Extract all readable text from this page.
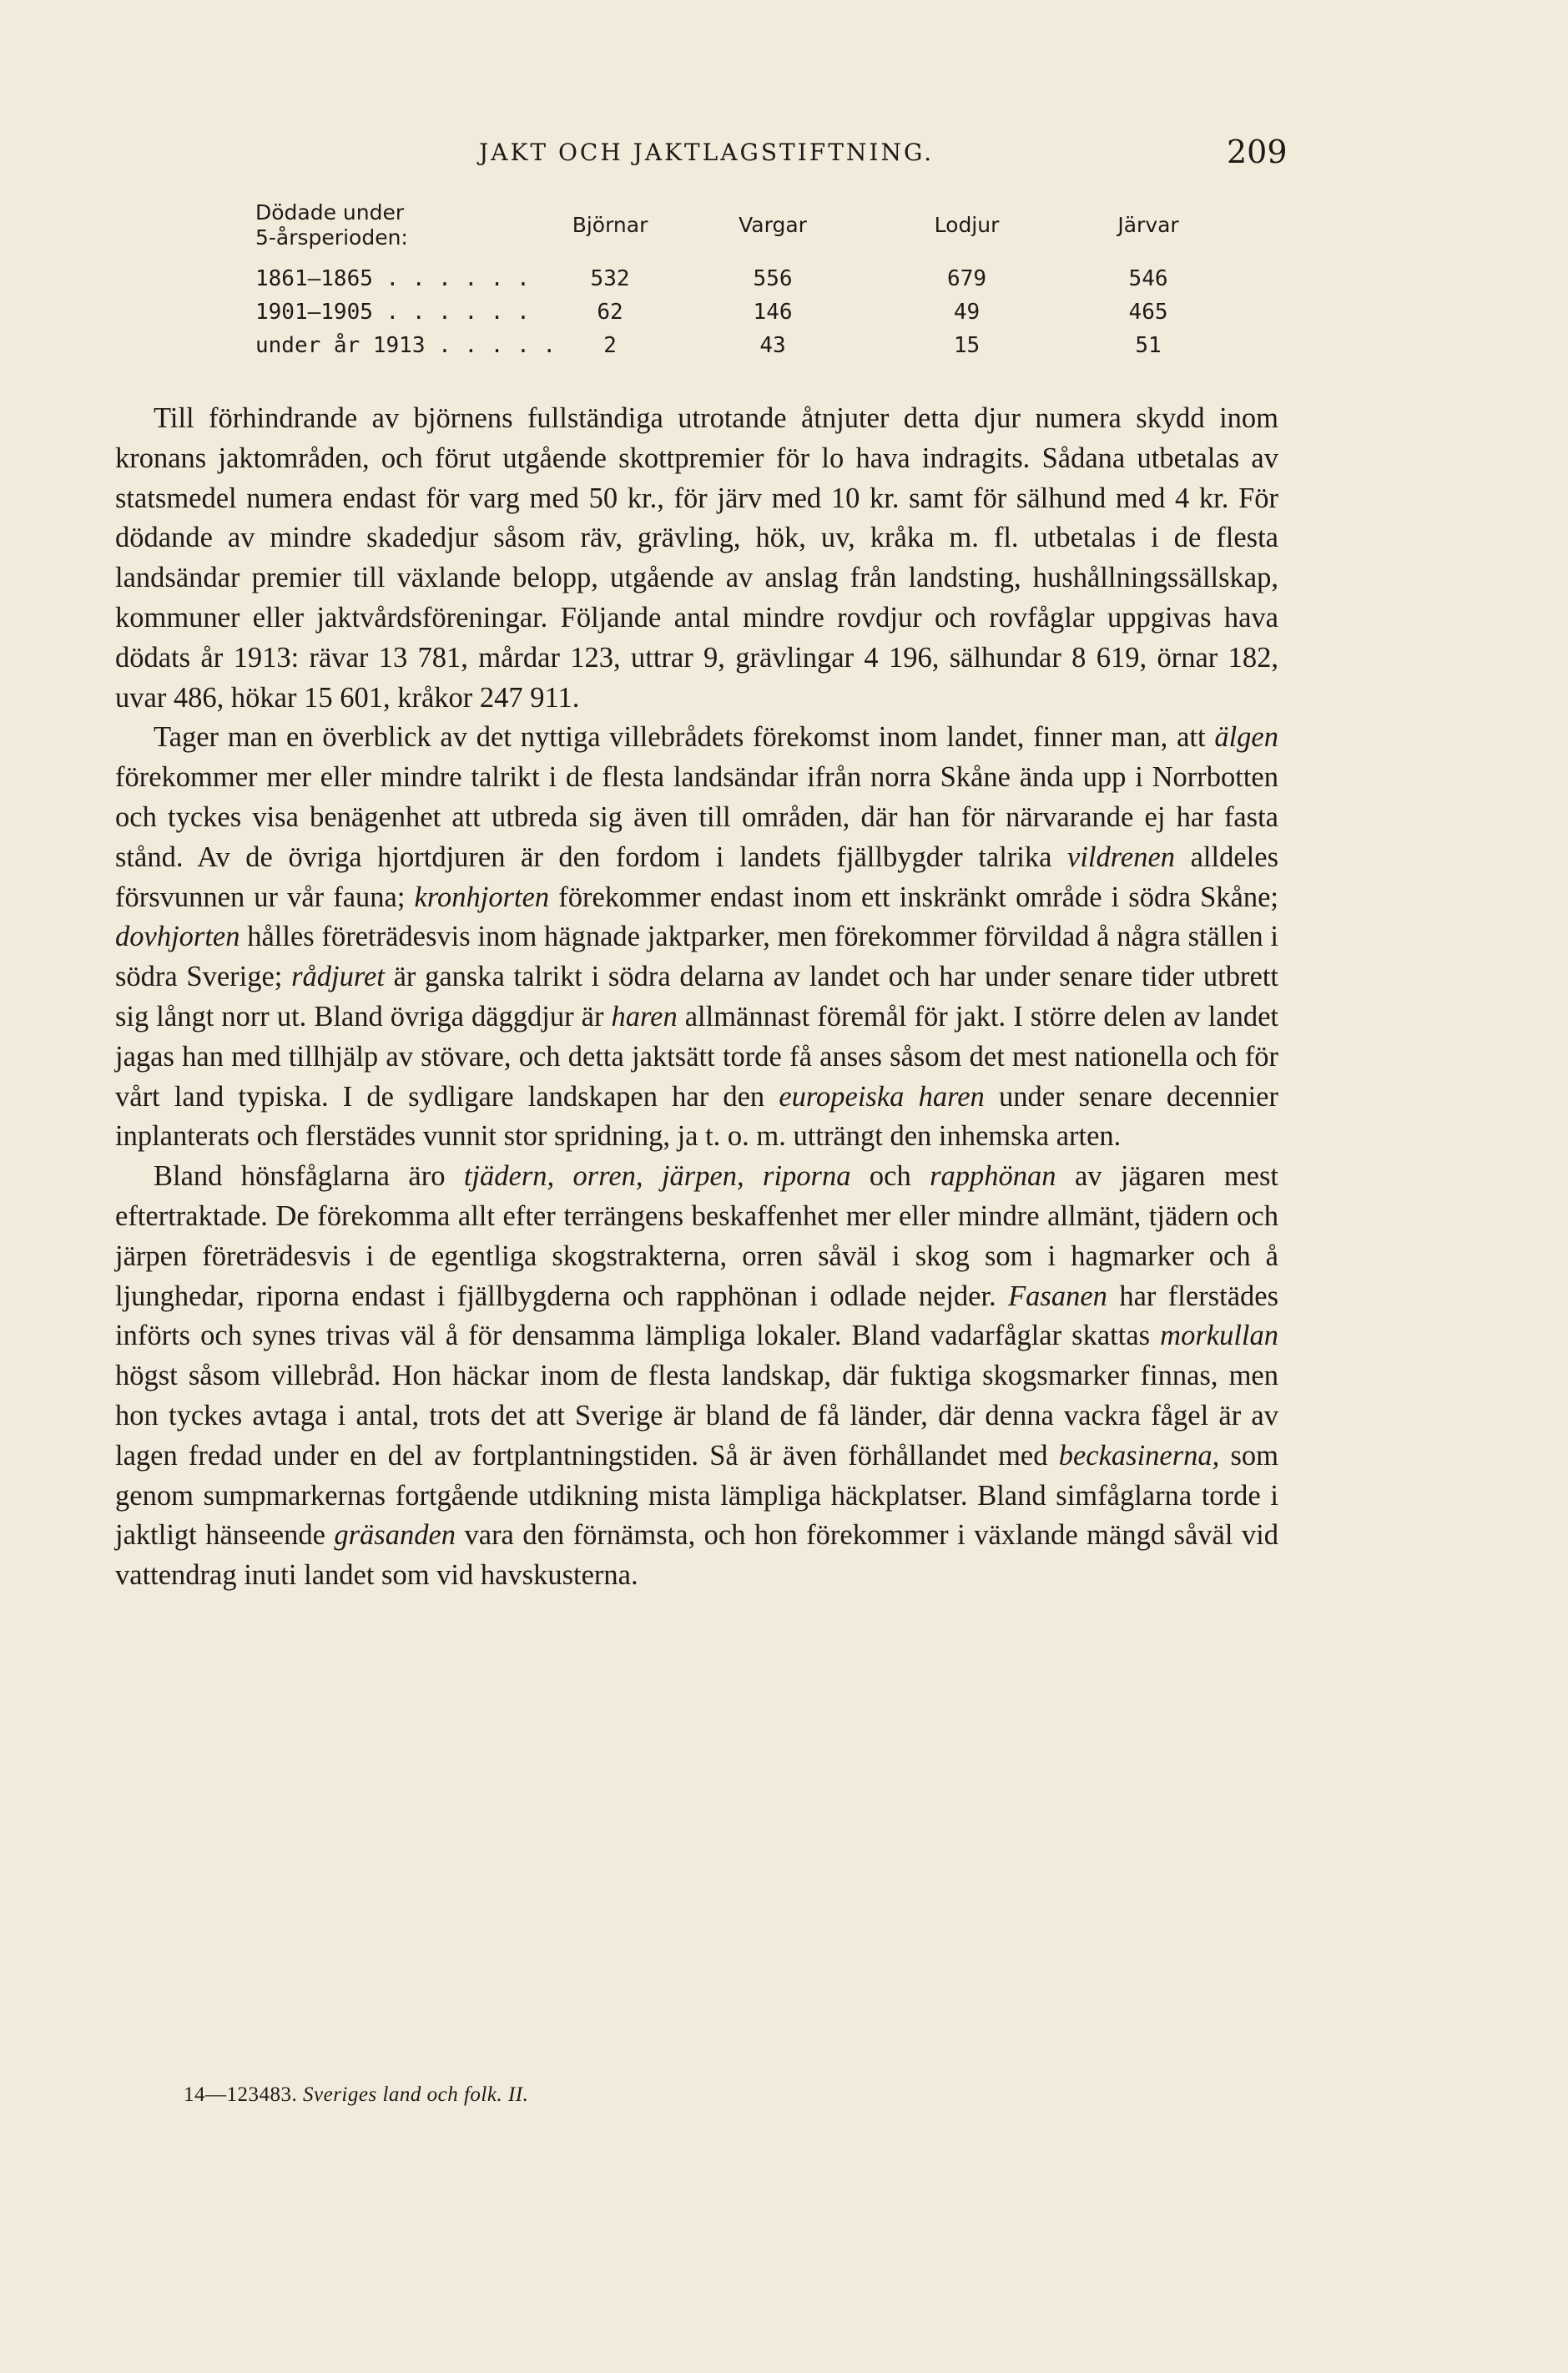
JAKT OCH JAKTLAGSTIFTNING.	209
Dödade under
5-årsperioden:	Björnar	Vargar	Lodjur	Järvar
1861—1865 . . . . . .	532	556	679	546
1901—1905 . . . . . .	62	146	49	465
under år 1913 . . . . .	2	43	15	51

Till förhindrande av björnens fullständiga utrotande åtnjuter detta djur numera skydd inom kronans jaktområden, och förut utgående skottpremier för lo hava indragits. Sådana utbetalas av statsmedel numera endast för varg med 50 kr., för järv med 10 kr. samt för sälhund med 4 kr. För dödande av mindre skadedjur såsom räv, grävling, hök, uv, kråka m. fl. utbetalas i de flesta landsändar premier till växlande belopp, utgående av anslag från landsting, hushållningssällskap, kommuner eller jaktvårdsföreningar. Följande antal mindre rovdjur och rovfåglar uppgivas hava dödats år 1913: rävar 13 781, mårdar 123, uttrar 9, grävlingar 4 196, sälhundar 8 619, örnar 182, uvar 486, hökar 15 601, kråkor 247 911.

Tager man en överblick av det nyttiga villebrådets förekomst inom landet, finner man, att älgen förekommer mer eller mindre talrikt i de flesta landsändar ifrån norra Skåne ända upp i Norrbotten och tyckes visa benägenhet att utbreda sig även till områden, där han för närvarande ej har fasta stånd. Av de övriga hjortdjuren är den fordom i landets fjällbygder talrika vildrenen alldeles försvunnen ur vår fauna; kronhjorten förekommer endast inom ett inskränkt område i södra Skåne; dovhjorten hålles företrädesvis inom hägnade jaktparker, men förekommer förvildad å några ställen i södra Sverige; rådjuret är ganska talrikt i södra delarna av landet och har under senare tider utbrett sig långt norr ut. Bland övriga däggdjur är haren allmännast föremål för jakt. I större delen av landet jagas han med tillhjälp av stövare, och detta jaktsätt torde få anses såsom det mest nationella och för vårt land typiska. I de sydligare landskapen har den europeiska haren under senare decennier inplanterats och flerstädes vunnit stor spridning, ja t. o. m. utträngt den inhemska arten.

Bland hönsfåglarna äro tjädern, orren, järpen, riporna och rapphönan av jägaren mest eftertraktade. De förekomma allt efter terrängens beskaffenhet mer eller mindre allmänt, tjädern och järpen företrädesvis i de egentliga skogstrakterna, orren såväl i skog som i hagmarker och å ljunghedar, riporna endast i fjällbygderna och rapphönan i odlade nejder. Fasanen har flerstädes införts och synes trivas väl å för densamma lämpliga lokaler. Bland vadarfåglar skattas morkullan högst såsom villebråd. Hon häckar inom de flesta landskap, där fuktiga skogsmarker finnas, men hon tyckes avtaga i antal, trots det att Sverige är bland de få länder, där denna vackra fågel är av lagen fredad under en del av fortplantningstiden. Så är även förhållandet med beckasinerna, som genom sumpmarkernas fortgående utdikning mista lämpliga häckplatser. Bland simfåglarna torde i jaktligt hänseende gräsanden vara den förnämsta, och hon förekommer i växlande mängd såväl vid vattendrag inuti landet som vid havskusterna.

14—123483. Sveriges land och folk. II.
